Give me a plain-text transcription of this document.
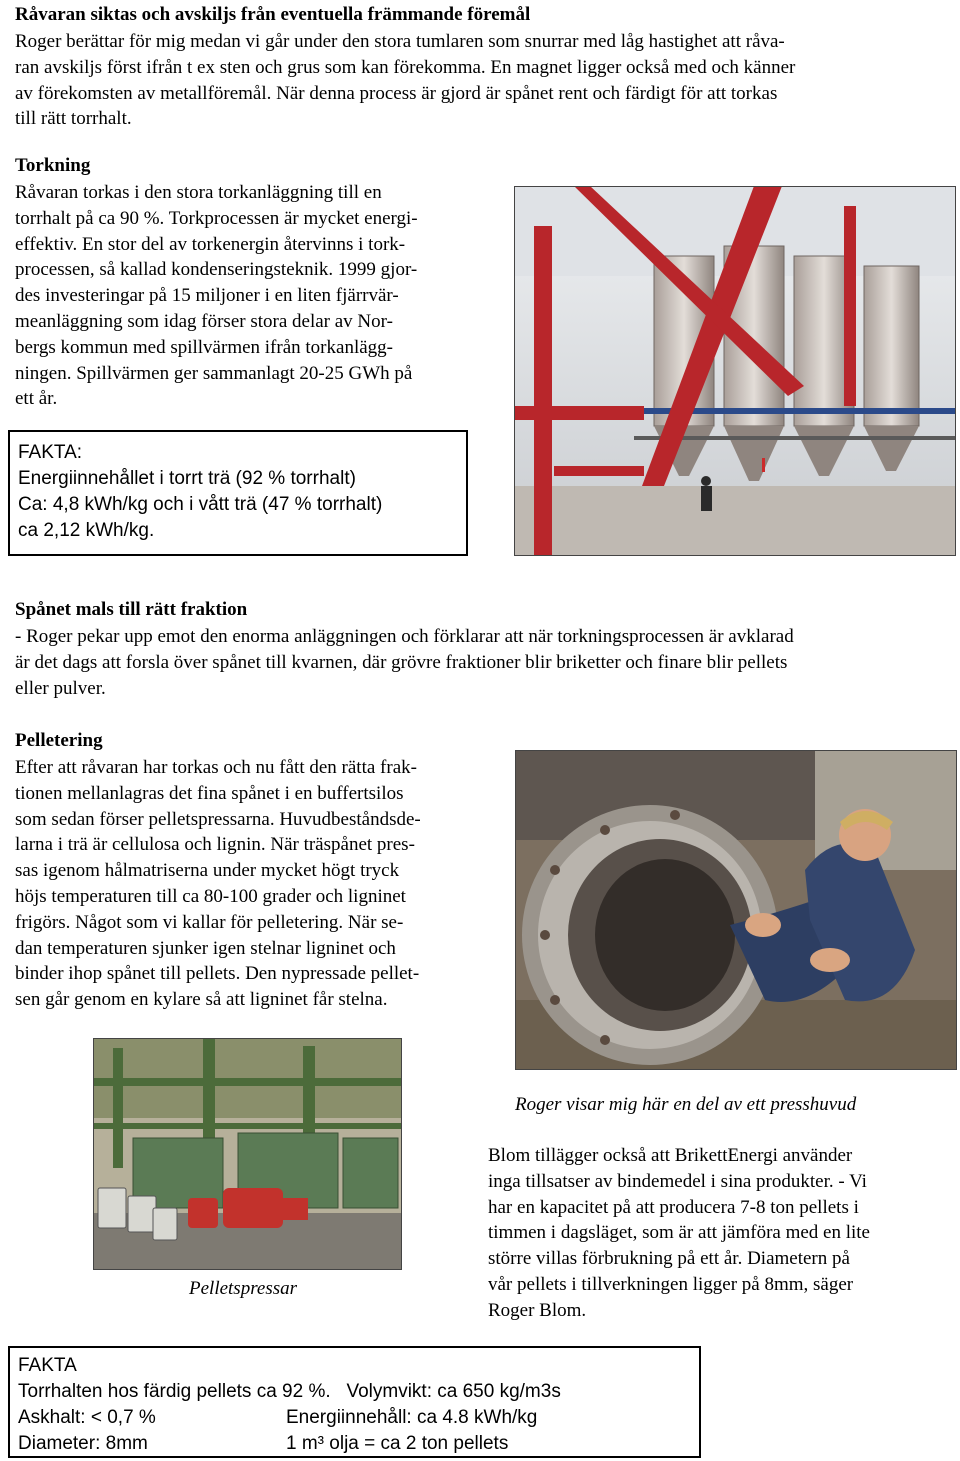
Råvaran siktas och avskiljs från eventuella främmande föremål
Roger berättar för mig medan vi går under den stora tumlaren som snurrar med låg hastighet att råva-
ran avskiljs först ifrån t ex sten och grus som kan förekomma. En magnet ligger också med och känner
av förekomsten av metallföremål. När denna process är gjord är spånet rent och färdigt för att torkas
till rätt torrhalt.
Torkning
Råvaran torkas i den stora torkanläggning till en
torrhalt på ca 90 %. Torkprocessen är mycket energi-
effektiv. En stor del av torkenergin återvinns i tork-
processen, så kallad kondenseringsteknik. 1999 gjor-
des investeringar på 15 miljoner i en liten fjärrvär-
meanläggning som idag förser stora delar av Nor-
bergs kommun med spillvärmen ifrån torkanlägg-
ningen. Spillvärmen ger sammanlagt 20-25 GWh på
ett år.
FAKTA:
Energiinnehållet i torrt trä (92 % torrhalt)
Ca: 4,8 kWh/kg och i vått trä (47 % torrhalt)
ca 2,12 kWh/kg.
Spånet mals till rätt fraktion
- Roger pekar upp emot den enorma anläggningen och förklarar att när torkningsprocessen är avklarad
är det dags att forsla över spånet till kvarnen, där grövre fraktioner blir briketter och finare blir pellets
eller pulver.
Pelletering
Efter att råvaran har torkas och nu fått den rätta frak-
tionen mellanlagras det fina spånet i en buffertsilos
som sedan förser pelletspressarna. Huvudbeståndsde-
larna i trä är cellulosa och lignin. När träspånet pres-
sas igenom hålmatriserna under mycket högt tryck
höjs temperaturen till ca 80-100 grader och ligninet
frigörs. Något som vi kallar för pelletering. När se-
dan temperaturen sjunker igen stelnar ligninet och
binder ihop spånet till pellets. Den nypressade pellet-
sen går genom en kylare så att ligninet får stelna.
Pelletspressar
Roger visar mig här en del av ett presshuvud
Blom tillägger också att BrikettEnergi använder
inga tillsatser av bindemedel i sina produkter. - Vi
har en kapacitet på att producera 7-8 ton pellets i
timmen i dagsläget, som är att jämföra med en lite
större villas förbrukning på ett år. Diametern på
vår pellets i tillverkningen ligger på 8mm, säger
Roger Blom.
FAKTA
Torrhalten hos färdig pellets ca 92 %.   Volymvikt: ca 650 kg/m3s
Askhalt: < 0,7 %	Energiinnehåll: ca 4.8 kWh/kg
Diameter: 8mm	1 m³ olja = ca 2 ton pellets
